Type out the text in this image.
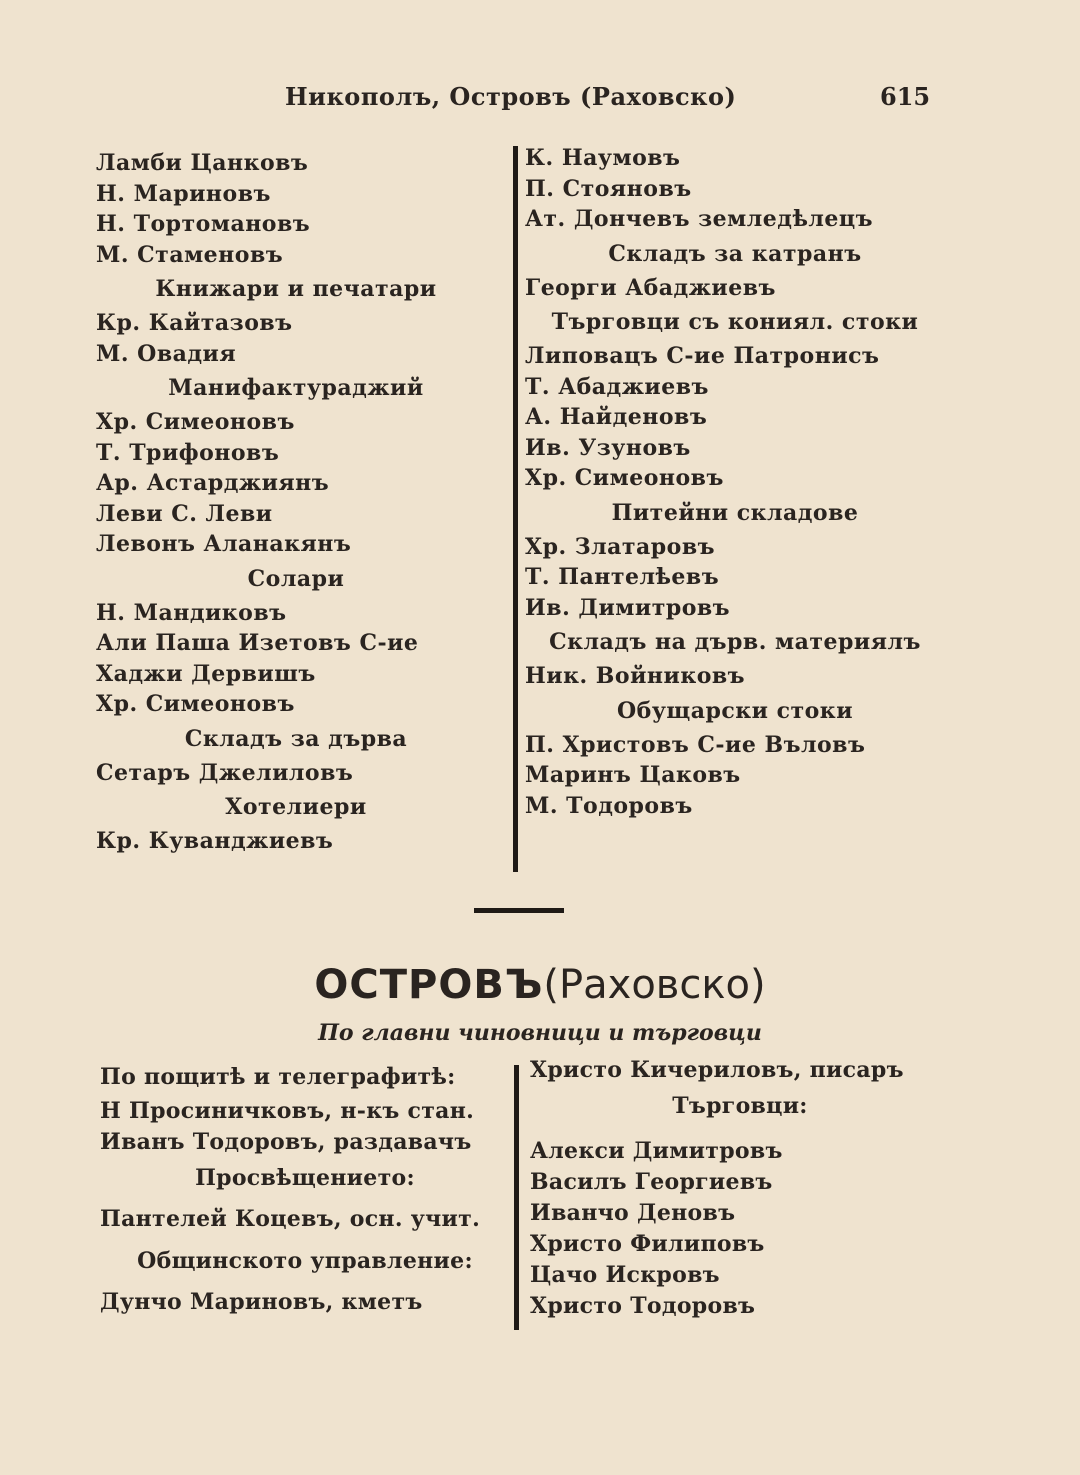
Никополъ, Островъ (Раховско)	615
Ламби Цанковъ
Н. Мариновъ
Н. Тортомановъ
М. Стаменовъ
Книжари и печатари
Кр. Кайтазовъ
М. Овадия
Манифактураджий
Хр. Симеоновъ
Т. Трифоновъ
Ар. Астарджиянъ
Леви С. Леви
Левонъ Аланакянъ
Солари
Н. Мандиковъ
Али Паша Изетовъ С-ие
Хаджи Дервишъ
Хр. Симеоновъ
Складъ за дърва
Сетаръ Джелиловъ
Хотелиери
Кр. Куванджиевъ
К. Наумовъ
П. Стояновъ
Ат. Дончевъ земледѣлецъ
Складъ за катранъ
Георги Абаджиевъ
Търговци съ кониял. стоки
Липовацъ С-ие Патронисъ
Т. Абаджиевъ
А. Найденовъ
Ив. Узуновъ
Хр. Симеоновъ
Питейни складове
Хр. Златаровъ
Т. Пантелѣевъ
Ив. Димитровъ
Складъ на дърв. материялъ
Ник. Войниковъ
Обущарски стоки
П. Христовъ С-ие Въловъ
Маринъ Цаковъ
М. Тодоровъ
ОСТРОВЪ(Раховско)
По главни чиновници и търговци
По пощитѣ и телеграфитѣ:
Н Просиничковъ, н-къ стан.
Иванъ Тодоровъ, раздавачъ
Просвѣщението:
Пантелей Коцевъ, осн. учит.
Общинското управление:
Дунчо Мариновъ, кметъ
Христо Кичериловъ, писаръ
Търговци:
Алекси Димитровъ
Василъ Георгиевъ
Иванчо Деновъ
Христо Филиповъ
Цачо Искровъ
Христо Тодоровъ
